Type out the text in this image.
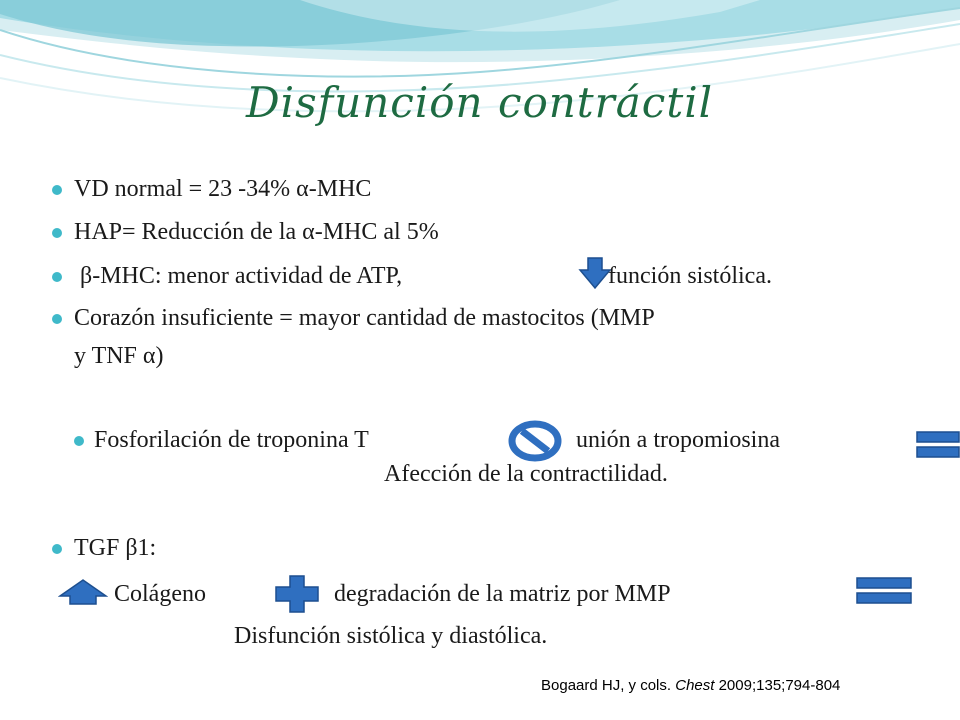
Disfunción contráctil
VD normal = 23 -34% α-MHC
HAP= Reducción de la α-MHC al 5%
β-MHC: menor actividad de ATP,	función sistólica.
Corazón insuficiente = mayor cantidad de mastocitos (MMP
y TNF α)
Fosforilación de troponina T	unión a tropomiosina
Afección de la contractilidad.
TGF β1:
Colágeno	degradación de la matriz por MMP
Disfunción sistólica y diastólica.
Bogaard HJ, y cols. Chest 2009;135;794-804
